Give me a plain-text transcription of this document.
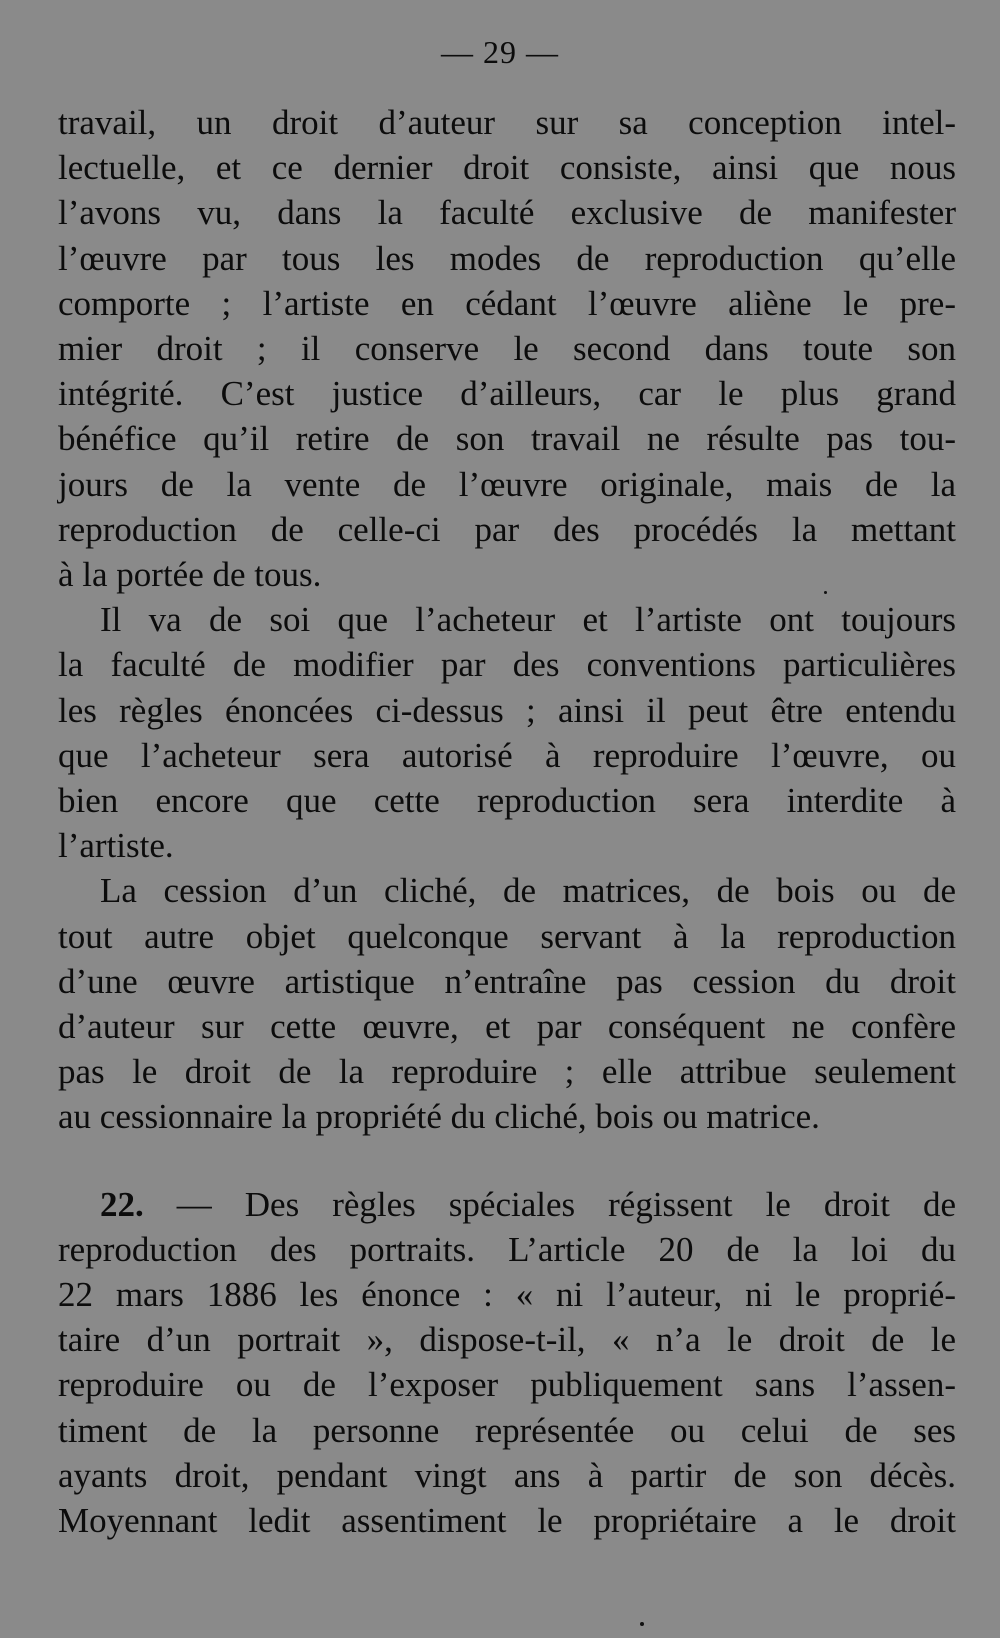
— 29 —
travail, un droit d’auteur sur sa conception intel-
lectuelle, et ce dernier droit consiste, ainsi que nous
l’avons vu, dans la faculté exclusive de manifester
l’œuvre par tous les modes de reproduction qu’elle
comporte ; l’artiste en cédant l’œuvre aliène le pre-
mier droit ; il conserve le second dans toute son
intégrité. C’est justice d’ailleurs, car le plus grand
bénéfice qu’il retire de son travail ne résulte pas tou-
jours de la vente de l’œuvre originale, mais de la
reproduction de celle-ci par des procédés la mettant
à la portée de tous.
Il va de soi que l’acheteur et l’artiste ont toujours
la faculté de modifier par des conventions particulières
les règles énoncées ci-dessus ; ainsi il peut être entendu
que l’acheteur sera autorisé à reproduire l’œuvre, ou
bien encore que cette reproduction sera interdite à
l’artiste.
La cession d’un cliché, de matrices, de bois ou de
tout autre objet quelconque servant à la reproduction
d’une œuvre artistique n’entraîne pas cession du droit
d’auteur sur cette œuvre, et par conséquent ne confère
pas le droit de la reproduire ; elle attribue seulement
au cessionnaire la propriété du cliché, bois ou matrice.
22. — Des règles spéciales régissent le droit de
reproduction des portraits. L’article 20 de la loi du
22 mars 1886 les énonce : « ni l’auteur, ni le proprié-
taire d’un portrait », dispose-t-il, « n’a le droit de le
reproduire ou de l’exposer publiquement sans l’assen-
timent de la personne représentée ou celui de ses
ayants droit, pendant vingt ans à partir de son décès.
Moyennant ledit assentiment le propriétaire a le droit
